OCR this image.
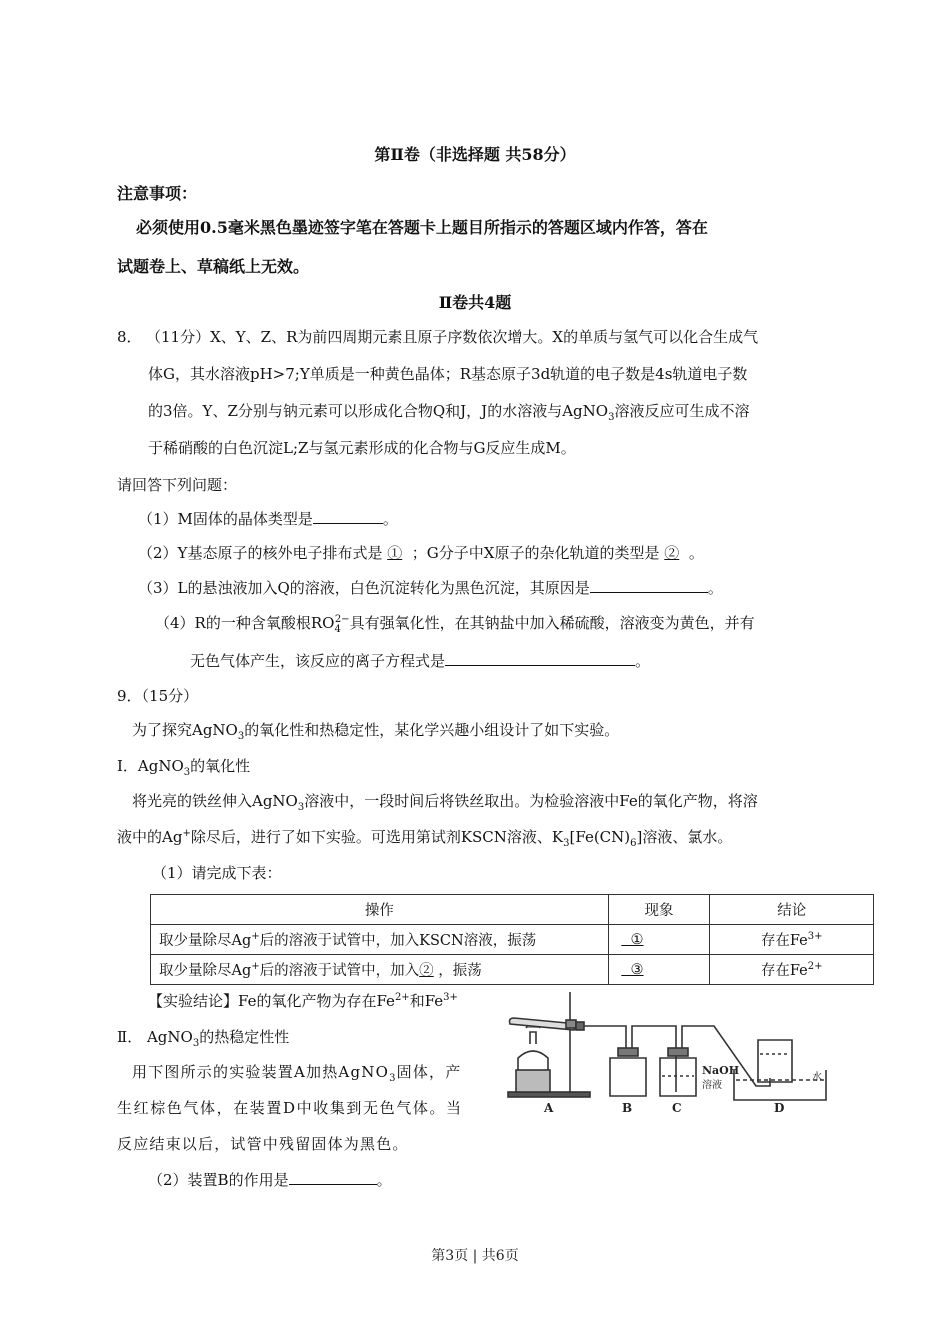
第Ⅱ卷（非选择题 共58分）
注意事项：
必须使用0.5毫米黑色墨迹签字笔在答题卡上题目所指示的答题区域内作答，答在
试题卷上、草稿纸上无效。
Ⅱ卷共4题
8． （11分）X、Y、Z、R为前四周期元素且原子序数依次增大。X的单质与氢气可以化合生成气
体G，其水溶液pH>7;Y单质是一种黄色晶体；R基态原子3d轨道的电子数是4s轨道电子数
的3倍。Y、Z分别与钠元素可以形成化合物Q和J，J的水溶液与AgNO$_3$溶液反应可生成不溶
于稀硝酸的白色沉淀L;Z与氢元素形成的化合物与G反应生成M。
请回答下列问题：
（1）M固体的晶体类型是	。
（2）Y基态原子的核外电子排布式是 ① ；G分子中X原子的杂化轨道的类型是 ② 。
（3）L的悬浊液加入Q的溶液，白色沉淀转化为黑色沉淀，其原因是	。
（4）R的一种含氧酸根$RO_4^{2-}$具有强氧化性，在其钠盐中加入稀硫酸，溶液变为黄色，并有
无色气体产生，该反应的离子方程式是	。
9．（15分）
为了探究AgNO$_3$的氧化性和热稳定性，某化学兴趣小组设计了如下实验。
Ⅰ．AgNO$_3$的氧化性
将光亮的铁丝伸入AgNO$_3$溶液中，一段时间后将铁丝取出。为检验溶液中Fe的氧化产物，将溶
液中的Ag+除尽后，进行了如下实验。可选用第试剂KSCN溶液、$K_3[Fe(CN)_6]$溶液、氯水。
（1）请完成下表：
操作	现象	结论
取少量除尽Ag+后的溶液于试管中，加入KSCN溶液，振荡	①	存在$Fe^{3+}$
取少量除尽Ag+后的溶液于试管中，加入② ，振荡	③	存在$Fe^{2+}$
【实验结论】Fe的氧化产物为存在$Fe^{2+}$和$Fe^{3+}$
Ⅱ． AgNO$_3$的热稳定性性
用下图所示的实验装置A加热AgNO$_3$固体，产
生红棕色气体，在装置D中收集到无色气体。当
反应结束以后，试管中残留固体为黑色。
（2）装置B的作用是	。
NaOH
溶液
水
A	B	C	D
第3页 | 共6页
